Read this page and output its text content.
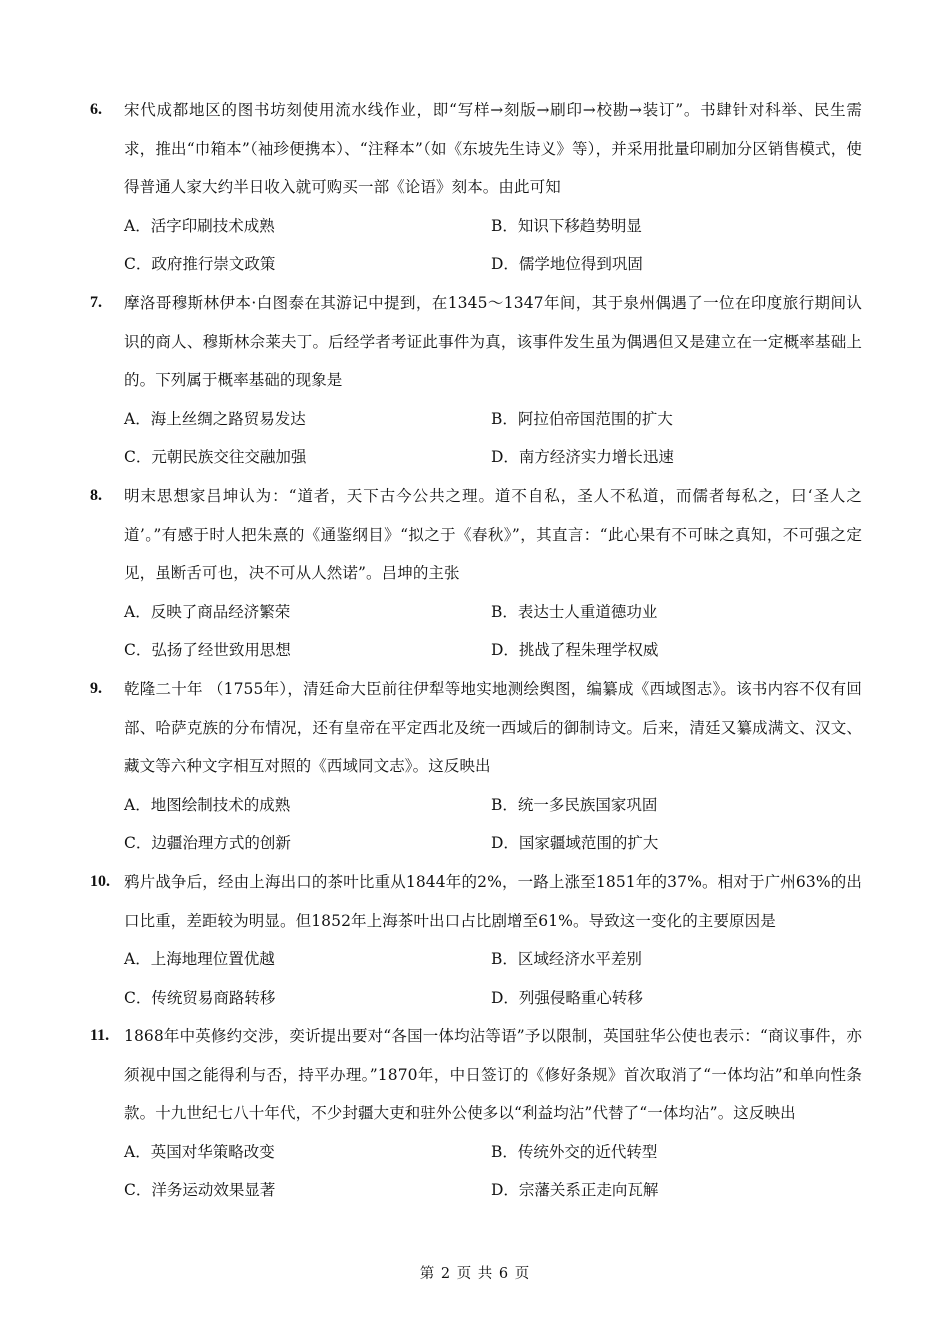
6. 宋代成都地区的图书坊刻使用流水线作业，即“写样→刻版→刷印→校勘→装订”。书肆针对科举、民生需求，推出“巾箱本”（袖珍便携本）、“注释本”（如《东坡先生诗义》等），并采用批量印刷加分区销售模式，使得普通人家大约半日收入就可购买一部《论语》刻本。由此可知
A．活字印刷技术成熟	B．知识下移趋势明显
C．政府推行崇文政策	D．儒学地位得到巩固
7. 摩洛哥穆斯林伊本·白图泰在其游记中提到，在1345～1347年间，其于泉州偶遇了一位在印度旅行期间认识的商人、穆斯林佘莱夫丁。后经学者考证此事件为真，该事件发生虽为偶遇但又是建立在一定概率基础上的。下列属于概率基础的现象是
A．海上丝绸之路贸易发达	B．阿拉伯帝国范围的扩大
C．元朝民族交往交融加强	D．南方经济实力增长迅速
8. 明末思想家吕坤认为：“道者，天下古今公共之理。道不自私，圣人不私道，而儒者每私之，曰‘圣人之道’。”有感于时人把朱熹的《通鉴纲目》“拟之于《春秋》”，其直言：“此心果有不可昧之真知，不可强之定见，虽断舌可也，决不可从人然诺”。吕坤的主张
A．反映了商品经济繁荣	B．表达士人重道德功业
C．弘扬了经世致用思想	D．挑战了程朱理学权威
9. 乾隆二十年 （1755年），清廷命大臣前往伊犁等地实地测绘舆图，编纂成《西域图志》。该书内容不仅有回部、哈萨克族的分布情况，还有皇帝在平定西北及统一西域后的御制诗文。后来，清廷又纂成满文、汉文、藏文等六种文字相互对照的《西域同文志》。这反映出
A．地图绘制技术的成熟	B．统一多民族国家巩固
C．边疆治理方式的创新	D．国家疆域范围的扩大
10. 鸦片战争后，经由上海出口的茶叶比重从1844年的2%，一路上涨至1851年的37%。相对于广州63%的出口比重，差距较为明显。但1852年上海茶叶出口占比剧增至61%。导致这一变化的主要原因是
A．上海地理位置优越	B．区域经济水平差别
C．传统贸易商路转移	D．列强侵略重心转移
11. 1868年中英修约交涉，奕䜣提出要对“各国一体均沾等语”予以限制，英国驻华公使也表示：“商议事件，亦须视中国之能得利与否，持平办理。”1870年，中日签订的《修好条规》首次取消了“一体均沾”和单向性条款。十九世纪七八十年代，不少封疆大吏和驻外公使多以“利益均沾”代替了“一体均沾”。这反映出
A．英国对华策略改变	B．传统外交的近代转型
C．洋务运动效果显著	D．宗藩关系正走向瓦解
第 2 页 共 6 页
